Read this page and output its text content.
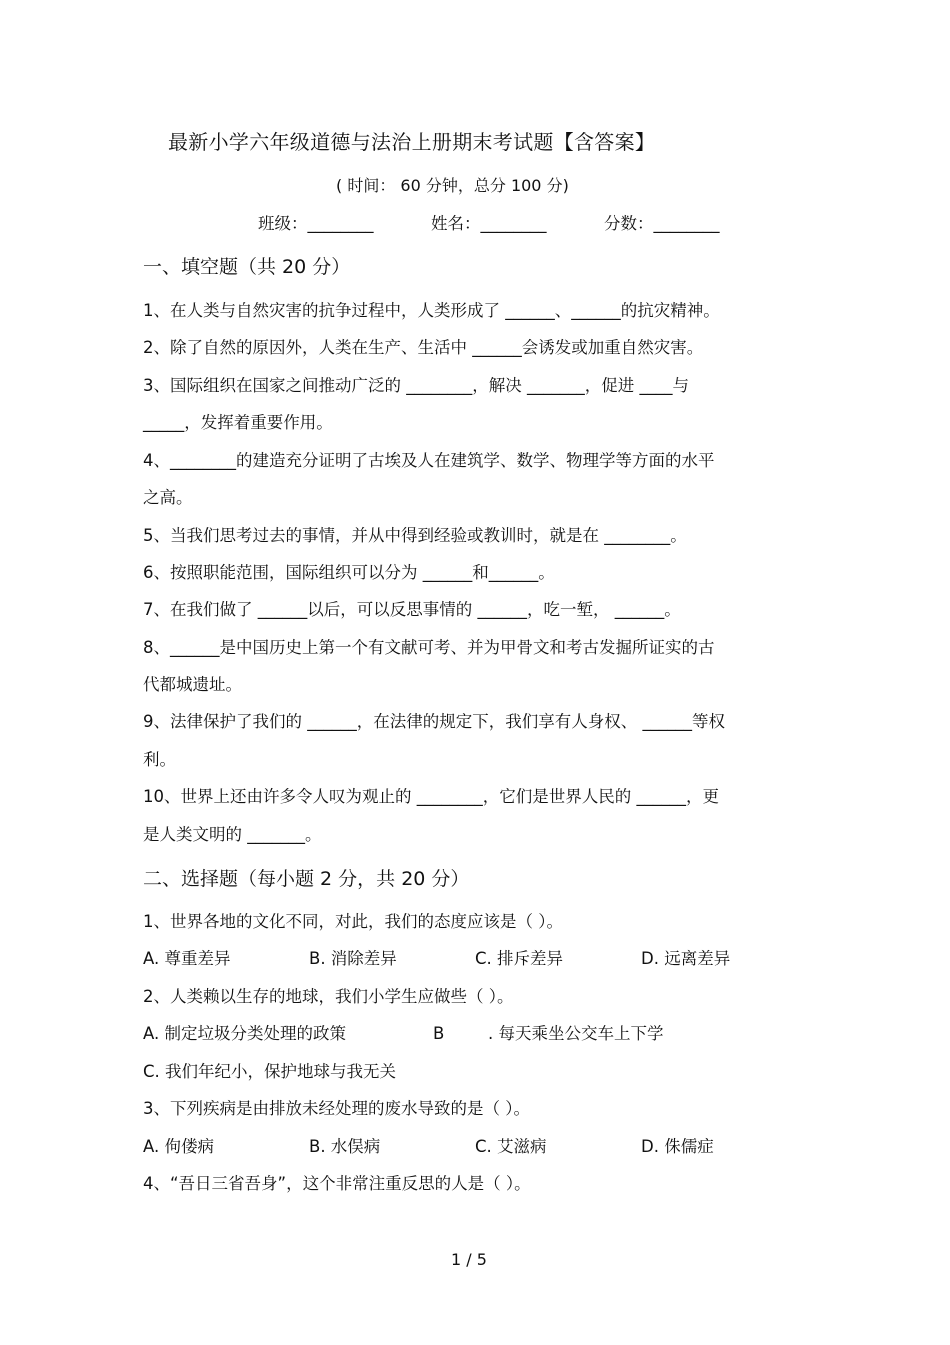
最新小学六年级道德与法治上册期末考试题【含答案】
( 时间： 60 分钟，总分 100 分)
班级：________	姓名：________	分数：________
一、填空题（共 20 分）
1、在人类与自然灾害的抗争过程中，人类形成了 ______、______的抗灾精神。
2、除了自然的原因外，人类在生产、生活中 ______会诱发或加重自然灾害。
3、国际组织在国家之间推动广泛的 ________，解决 _______，促进 ____与
_____，发挥着重要作用。
4、________的建造充分证明了古埃及人在建筑学、数学、物理学等方面的水平
之高。
5、当我们思考过去的事情，并从中得到经验或教训时，就是在 ________。
6、按照职能范围，国际组织可以分为 ______和______。
7、在我们做了 ______以后，可以反思事情的 ______，吃一堑， ______。
8、______是中国历史上第一个有文献可考、并为甲骨文和考古发掘所证实的古
代都城遗址。
9、法律保护了我们的 ______，在法律的规定下，我们享有人身权、 ______等权
利。
10、世界上还由许多令人叹为观止的 ________，它们是世界人民的 ______，更
是人类文明的 _______。
二、选择题（每小题 2 分，共 20 分）
1、世界各地的文化不同，对此，我们的态度应该是（ ）。
A. 尊重差异	B. 消除差异	C. 排斥差异	D. 远离差异
2、人类赖以生存的地球，我们小学生应做些（ ）。
A. 制定垃圾分类处理的政策	B	. 每天乘坐公交车上下学
C. 我们年纪小，保护地球与我无关
3、下列疾病是由排放未经处理的废水导致的是（ ）。
A. 佝偻病	B. 水俣病	C. 艾滋病	D. 侏儒症
4、“吾日三省吾身”，这个非常注重反思的人是（ ）。
1 / 5
